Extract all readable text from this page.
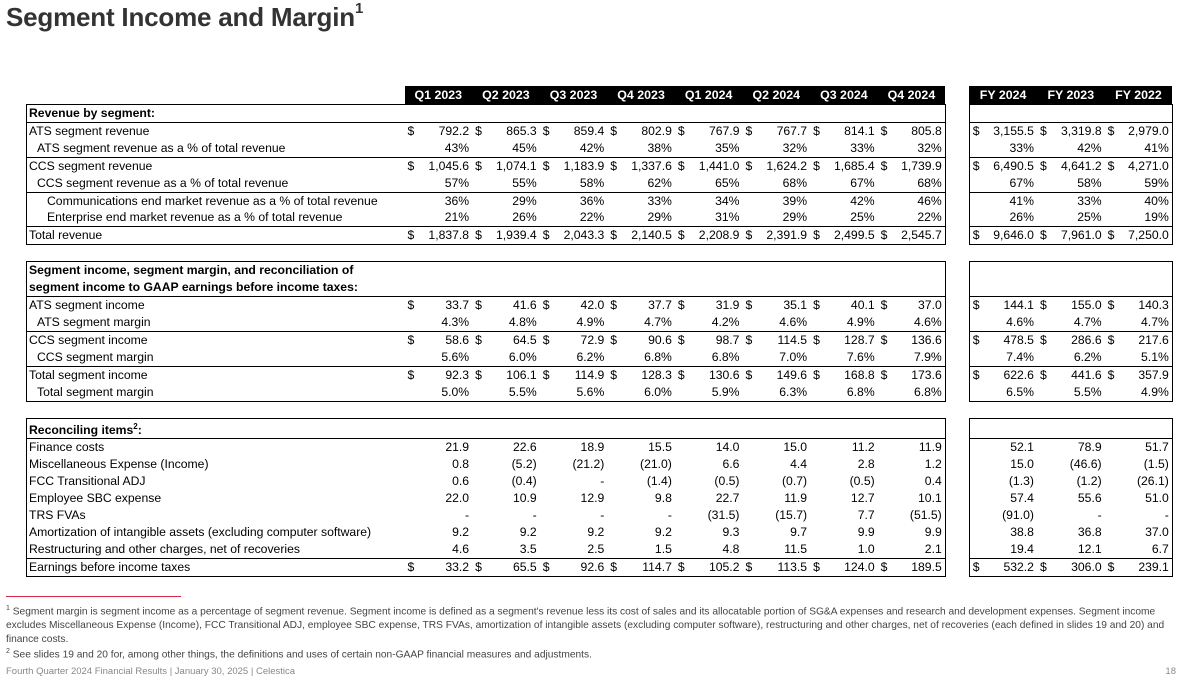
Segment Income and Margin$^1$
	Q1 2023		Q2 2023		Q3 2023		Q4 2023		Q1 2024		Q2 2024		Q3 2024		Q4 2024			FY 2024		FY 2023		FY 2022	
Revenue by segment:																							
ATS segment revenue	$	792.2	$	865.3	$	859.4	$	802.9	$	767.9	$	767.7	$	814.1	$	805.8		$	3,155.5	$	3,319.8	$	2,979.0
ATS segment revenue as a % of total revenue		43%		45%		42%		38%		35%		32%		33%		32%			33%		42%		41%
CCS segment revenue	$	1,045.6	$	1,074.1	$	1,183.9	$	1,337.6	$	1,441.0	$	1,624.2	$	1,685.4	$	1,739.9		$	6,490.5	$	4,641.2	$	4,271.0
CCS segment revenue as a % of total revenue		57%		55%		58%		62%		65%		68%		67%		68%			67%		58%		59%
Communications end market revenue as a % of total revenue		36%		29%		36%		33%		34%		39%		42%		46%			41%		33%		40%
Enterprise end market revenue as a % of total revenue		21%		26%		22%		29%		31%		29%		25%		22%			26%		25%		19%
Total revenue	$	1,837.8	$	1,939.4	$	2,043.3	$	2,140.5	$	2,208.9	$	2,391.9	$	2,499.5	$	2,545.7		$	9,646.0	$	7,961.0	$	7,250.0

Segment income, segment margin, and reconciliation of																							
segment income to GAAP earnings before income taxes:																							
ATS segment income	$	33.7	$	41.6	$	42.0	$	37.7	$	31.9	$	35.1	$	40.1	$	37.0		$	144.1	$	155.0	$	140.3
ATS segment margin		4.3%		4.8%		4.9%		4.7%		4.2%		4.6%		4.9%		4.6%			4.6%		4.7%		4.7%
CCS segment income	$	58.6	$	64.5	$	72.9	$	90.6	$	98.7	$	114.5	$	128.7	$	136.6		$	478.5	$	286.6	$	217.6
CCS segment margin		5.6%		6.0%		6.2%		6.8%		6.8%		7.0%		7.6%		7.9%			7.4%		6.2%		5.1%
Total segment income	$	92.3	$	106.1	$	114.9	$	128.3	$	130.6	$	149.6	$	168.8	$	173.6		$	622.6	$	441.6	$	357.9
Total segment margin		5.0%		5.5%		5.6%		6.0%		5.9%		6.3%		6.8%		6.8%			6.5%		5.5%		4.9%

Reconciling items$^2$:																							
Finance costs		21.9		22.6		18.9		15.5		14.0		15.0		11.2		11.9			52.1		78.9		51.7
Miscellaneous Expense (Income)		0.8		(5.2)		(21.2)		(21.0)		6.6		4.4		2.8		1.2			15.0		(46.6)		(1.5)
FCC Transitional ADJ		0.6		(0.4)		-		(1.4)		(0.5)		(0.7)		(0.5)		0.4			(1.3)		(1.2)		(26.1)
Employee SBC expense		22.0		10.9		12.9		9.8		22.7		11.9		12.7		10.1			57.4		55.6		51.0
TRS FVAs		-		-		-		-		(31.5)		(15.7)		7.7		(51.5)			(91.0)		-		-
Amortization of intangible assets (excluding computer software)		9.2		9.2		9.2		9.2		9.3		9.7		9.9		9.9			38.8		36.8		37.0
Restructuring and other charges, net of recoveries		4.6		3.5		2.5		1.5		4.8		11.5		1.0		2.1			19.4		12.1		6.7
Earnings before income taxes	$	33.2	$	65.5	$	92.6	$	114.7	$	105.2	$	113.5	$	124.0	$	189.5		$	532.2	$	306.0	$	239.1
$^1$ Segment margin is segment income as a percentage of segment revenue. Segment income is defined as a segment's revenue less its cost of sales and its allocatable portion of SG&A expenses and research and development expenses. Segment income excludes Miscellaneous Expense (Income), FCC Transitional ADJ, employee SBC expense, TRS FVAs, amortization of intangible assets (excluding computer software), restructuring and other charges, net of recoveries (each defined in slides 19 and 20) and finance costs.
$^2$ See slides 19 and 20 for, among other things, the definitions and uses of certain non-GAAP financial measures and adjustments.
Fourth Quarter 2024 Financial Results | January 30, 2025 | Celestica	18
